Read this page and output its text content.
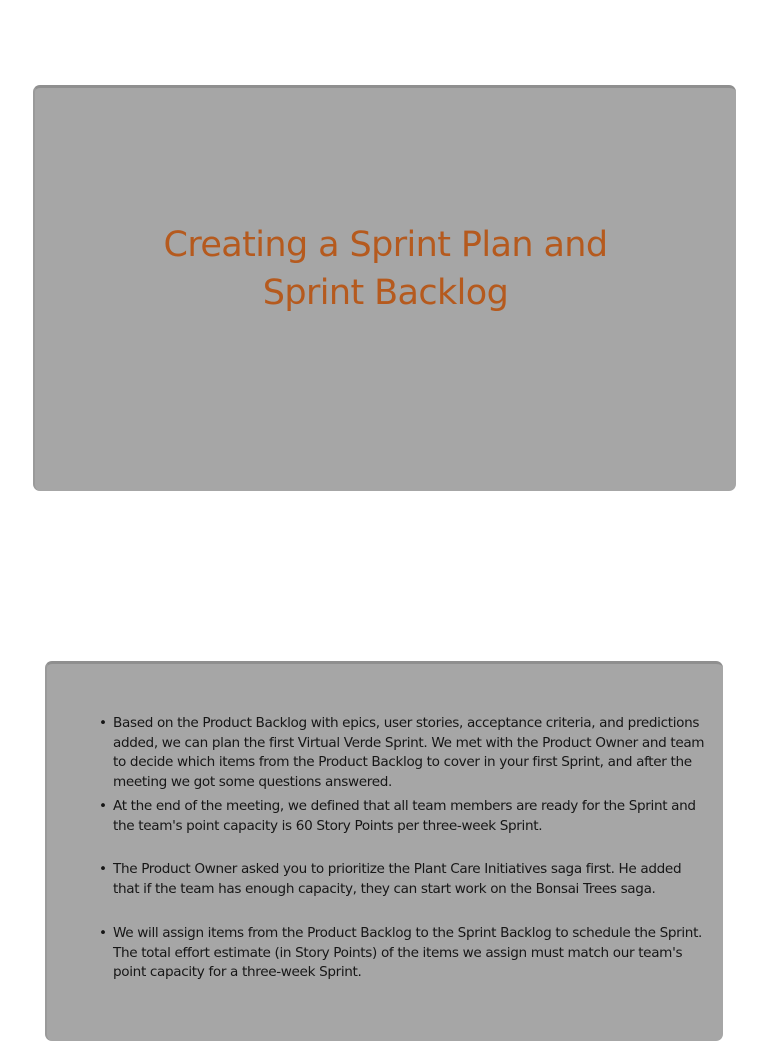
Creating a Sprint Plan and
Sprint Backlog
• Based on the Product Backlog with epics, user stories, acceptance criteria, and predictions added, we can plan the first Virtual Verde Sprint. We met with the Product Owner and team to decide which items from the Product Backlog to cover in your first Sprint, and after the meeting we got some questions answered.
• At the end of the meeting, we defined that all team members are ready for the Sprint and the team's point capacity is 60 Story Points per three-week Sprint.
• The Product Owner asked you to prioritize the Plant Care Initiatives saga first. He added that if the team has enough capacity, they can start work on the Bonsai Trees saga.
• We will assign items from the Product Backlog to the Sprint Backlog to schedule the Sprint. The total effort estimate (in Story Points) of the items we assign must match our team's point capacity for a three-week Sprint.
